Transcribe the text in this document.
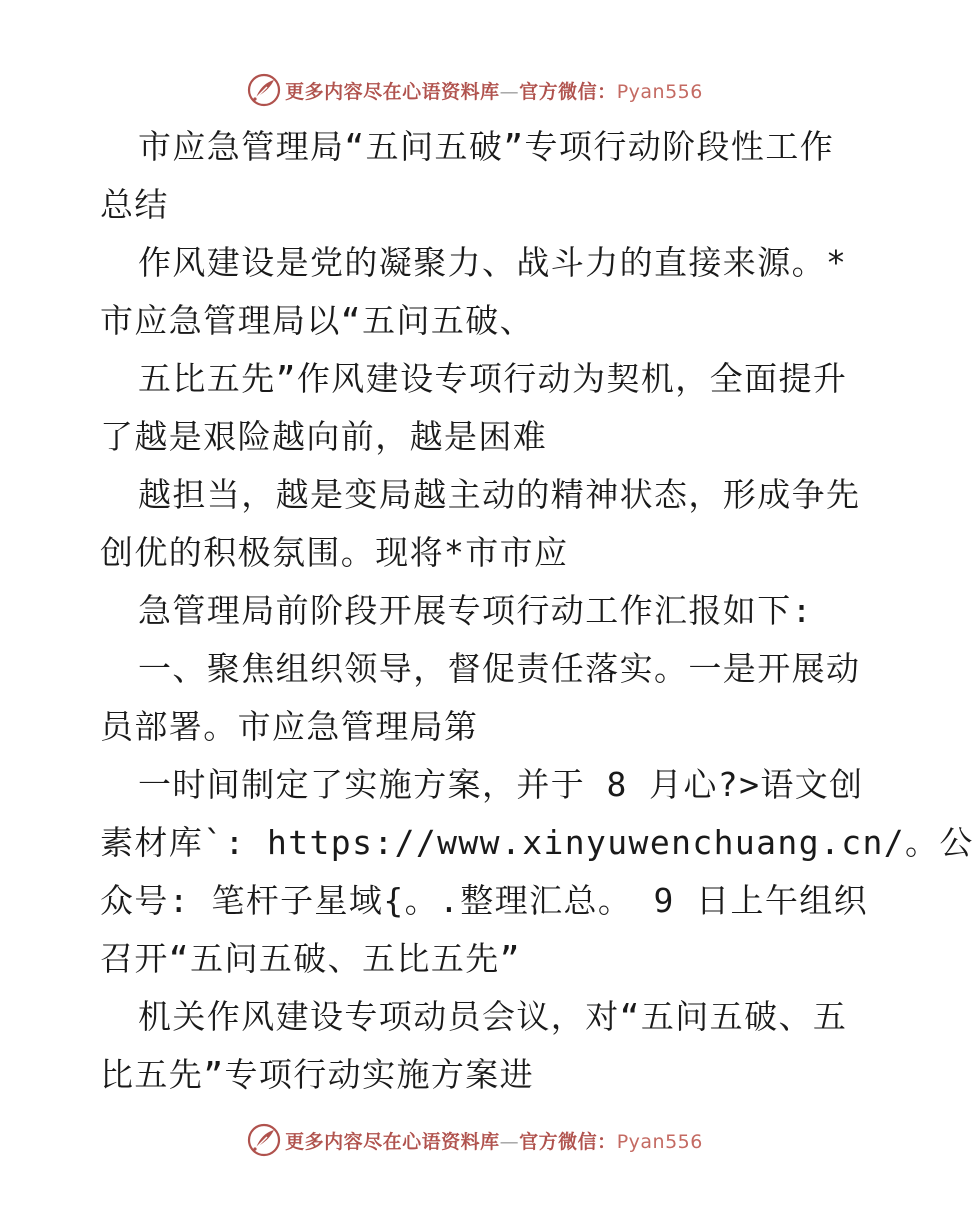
更多内容尽在心语资料库—官方微信：Pyan556
市应急管理局“五问五破”专项行动阶段性工作
总结
作风建设是党的凝聚力、战斗力的直接来源。*
市应急管理局以“五问五破、
五比五先”作风建设专项行动为契机，全面提升
了越是艰险越向前，越是困难
越担当，越是变局越主动的精神状态，形成争先
创优的积极氛围。现将*市市应
急管理局前阶段开展专项行动工作汇报如下:
一、聚焦组织领导，督促责任落实。一是开展动
员部署。市应急管理局第
一时间制定了实施方案，并于 8 月心?>语文创
素材库`: https://www.xinyuwenchuang.cn/。公
众号: 笔杆子星域{。.整理汇总。 9 日上午组织
召开“五问五破、五比五先”
机关作风建设专项动员会议，对“五问五破、五
比五先”专项行动实施方案进
更多内容尽在心语资料库—官方微信：Pyan556
